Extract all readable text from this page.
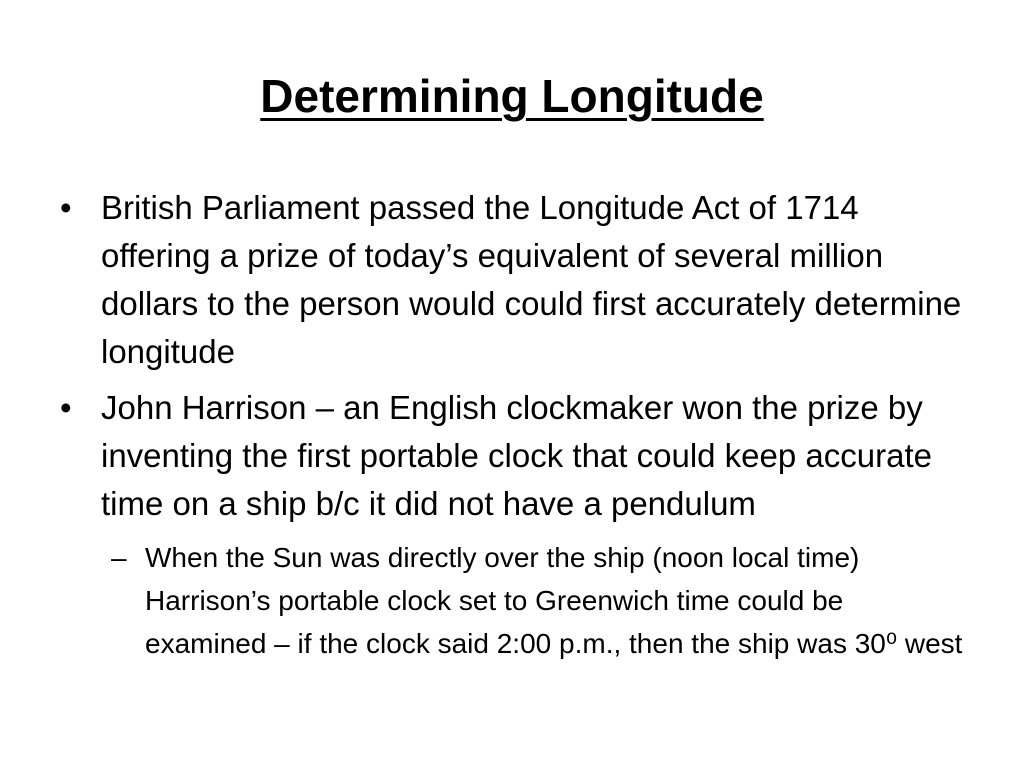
Determining Longitude
• British Parliament passed the Longitude Act of 1714 offering a prize of today’s equivalent of several million dollars to the person would could first accurately determine longitude
• John Harrison – an English clockmaker won the prize by inventing the first portable clock that could keep accurate time on a ship b/c it did not have a pendulum
– When the Sun was directly over the ship (noon local time) Harrison’s portable clock set to Greenwich time could be examined – if the clock said 2:00 p.m., then the ship was 30⁰ west
